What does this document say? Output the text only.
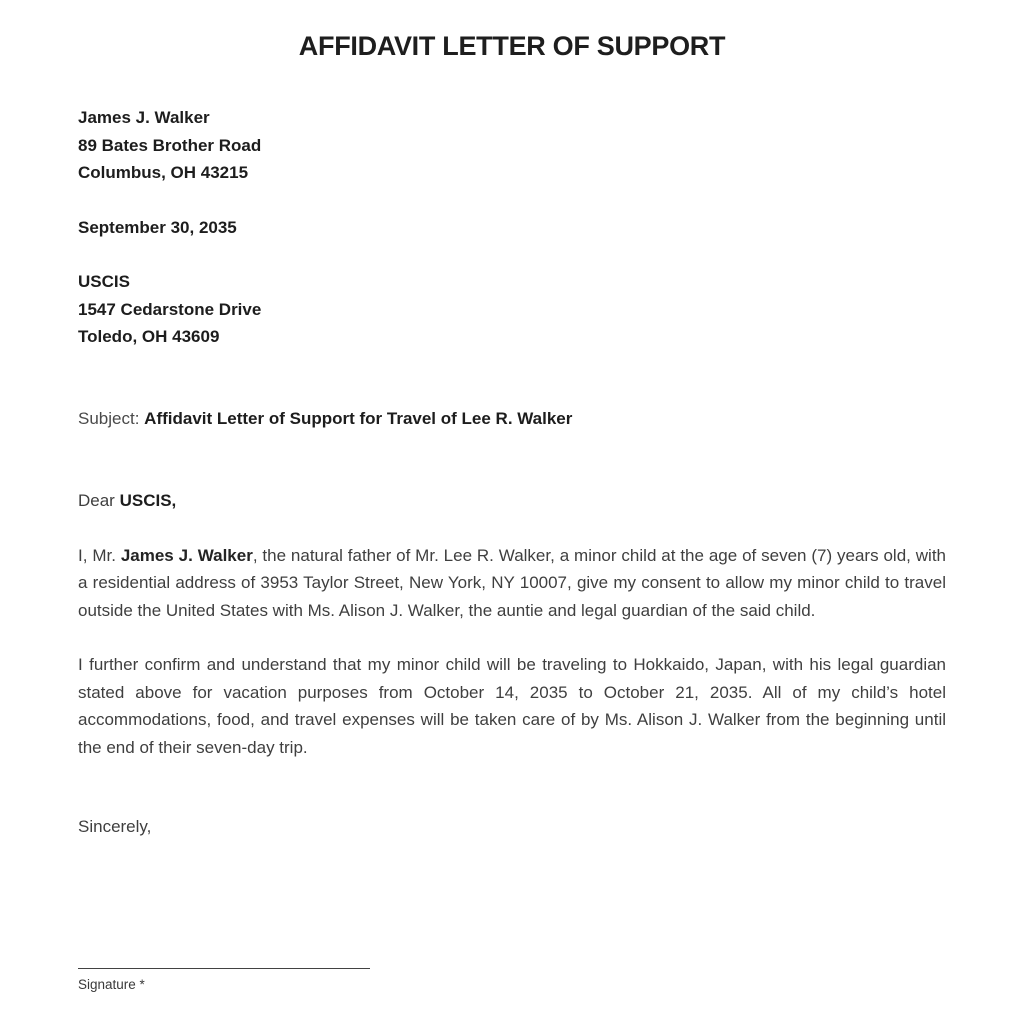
AFFIDAVIT LETTER OF SUPPORT
James J. Walker
89 Bates Brother Road
Columbus, OH 43215
September 30, 2035
USCIS
1547 Cedarstone Drive
Toledo, OH 43609
Subject: Affidavit Letter of Support for Travel of Lee R. Walker
Dear USCIS,

I, Mr. James J. Walker, the natural father of Mr. Lee R. Walker, a minor child at the age of seven (7) years old, with a residential address of 3953 Taylor Street, New York, NY 10007, give my consent to allow my minor child to travel outside the United States with Ms. Alison J. Walker, the auntie and legal guardian of the said child.

I further confirm and understand that my minor child will be traveling to Hokkaido, Japan, with his legal guardian stated above for vacation purposes from October 14, 2035 to October 21, 2035. All of my child’s hotel accommodations, food, and travel expenses will be taken care of by Ms. Alison J. Walker from the beginning until the end of their seven-day trip.

Sincerely,
Signature *
